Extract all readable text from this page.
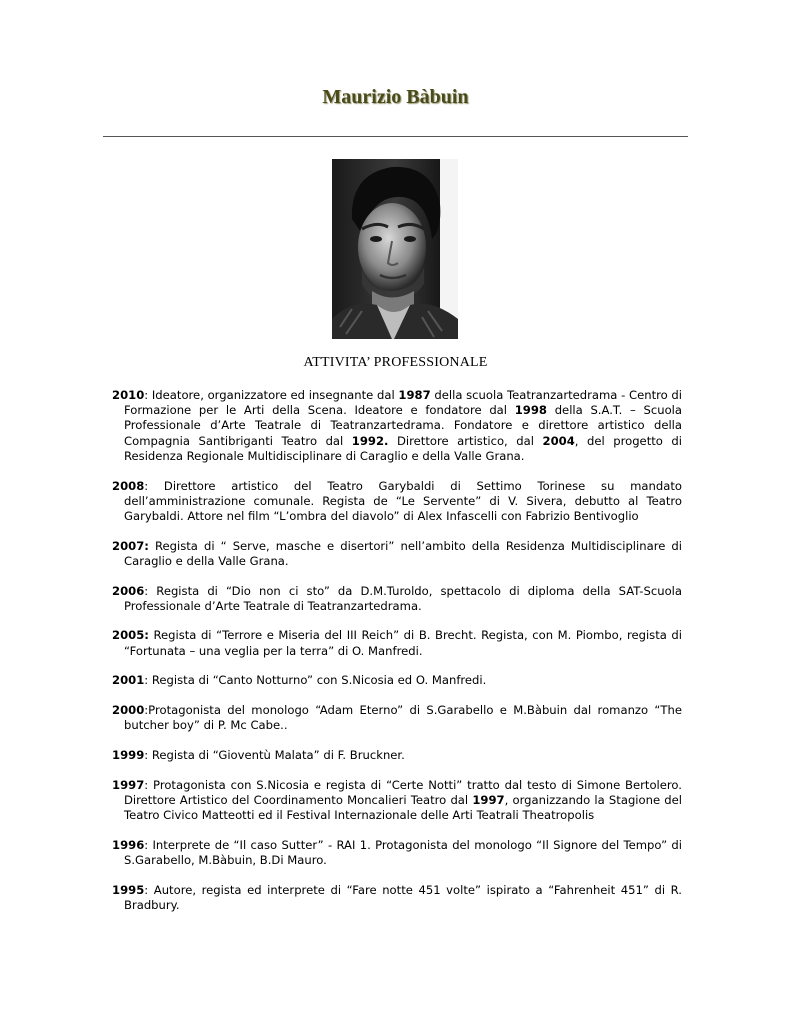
Maurizio Bàbuin
ATTIVITA’ PROFESSIONALE
2010: Ideatore, organizzatore ed insegnante dal 1987 della scuola Teatranzartedrama - Centro di Formazione per le Arti della Scena. Ideatore e fondatore dal 1998 della S.A.T. – Scuola Professionale d’Arte Teatrale di Teatranzartedrama. Fondatore e direttore artistico della Compagnia Santibriganti Teatro dal 1992. Direttore artistico, dal 2004, del progetto di Residenza Regionale Multidisciplinare di Caraglio e della Valle Grana.
2008: Direttore artistico del Teatro Garybaldi di Settimo Torinese su mandato dell’amministrazione comunale. Regista de “Le Servente” di V. Sivera, debutto al Teatro Garybaldi. Attore nel film “L’ombra del diavolo” di Alex Infascelli con Fabrizio Bentivoglio
2007: Regista di “ Serve, masche e disertori” nell’ambito della Residenza Multidisciplinare di Caraglio e della Valle Grana.
2006: Regista di “Dio non ci sto” da D.M.Turoldo, spettacolo di diploma della SAT-Scuola Professionale d’Arte Teatrale di Teatranzartedrama.
2005: Regista di “Terrore e Miseria del III Reich” di B. Brecht. Regista, con M. Piombo, regista di “Fortunata – una veglia per la terra” di O. Manfredi.
2001: Regista di “Canto Notturno” con S.Nicosia ed O. Manfredi.
2000:Protagonista del monologo “Adam Eterno” di S.Garabello e M.Bàbuin dal romanzo “The butcher boy” di P. Mc Cabe..
1999: Regista di “Gioventù Malata” di F. Bruckner.
1997: Protagonista con S.Nicosia e regista di “Certe Notti” tratto dal testo di Simone Bertolero. Direttore Artistico del Coordinamento Moncalieri Teatro dal 1997, organizzando la Stagione del Teatro Civico Matteotti ed il Festival Internazionale delle Arti Teatrali Theatropolis
1996: Interprete de “Il caso Sutter” - RAI 1. Protagonista del monologo “Il Signore del Tempo” di S.Garabello, M.Bàbuin, B.Di Mauro.
1995: Autore, regista ed interprete di “Fare notte 451 volte” ispirato a “Fahrenheit 451” di R. Bradbury.
